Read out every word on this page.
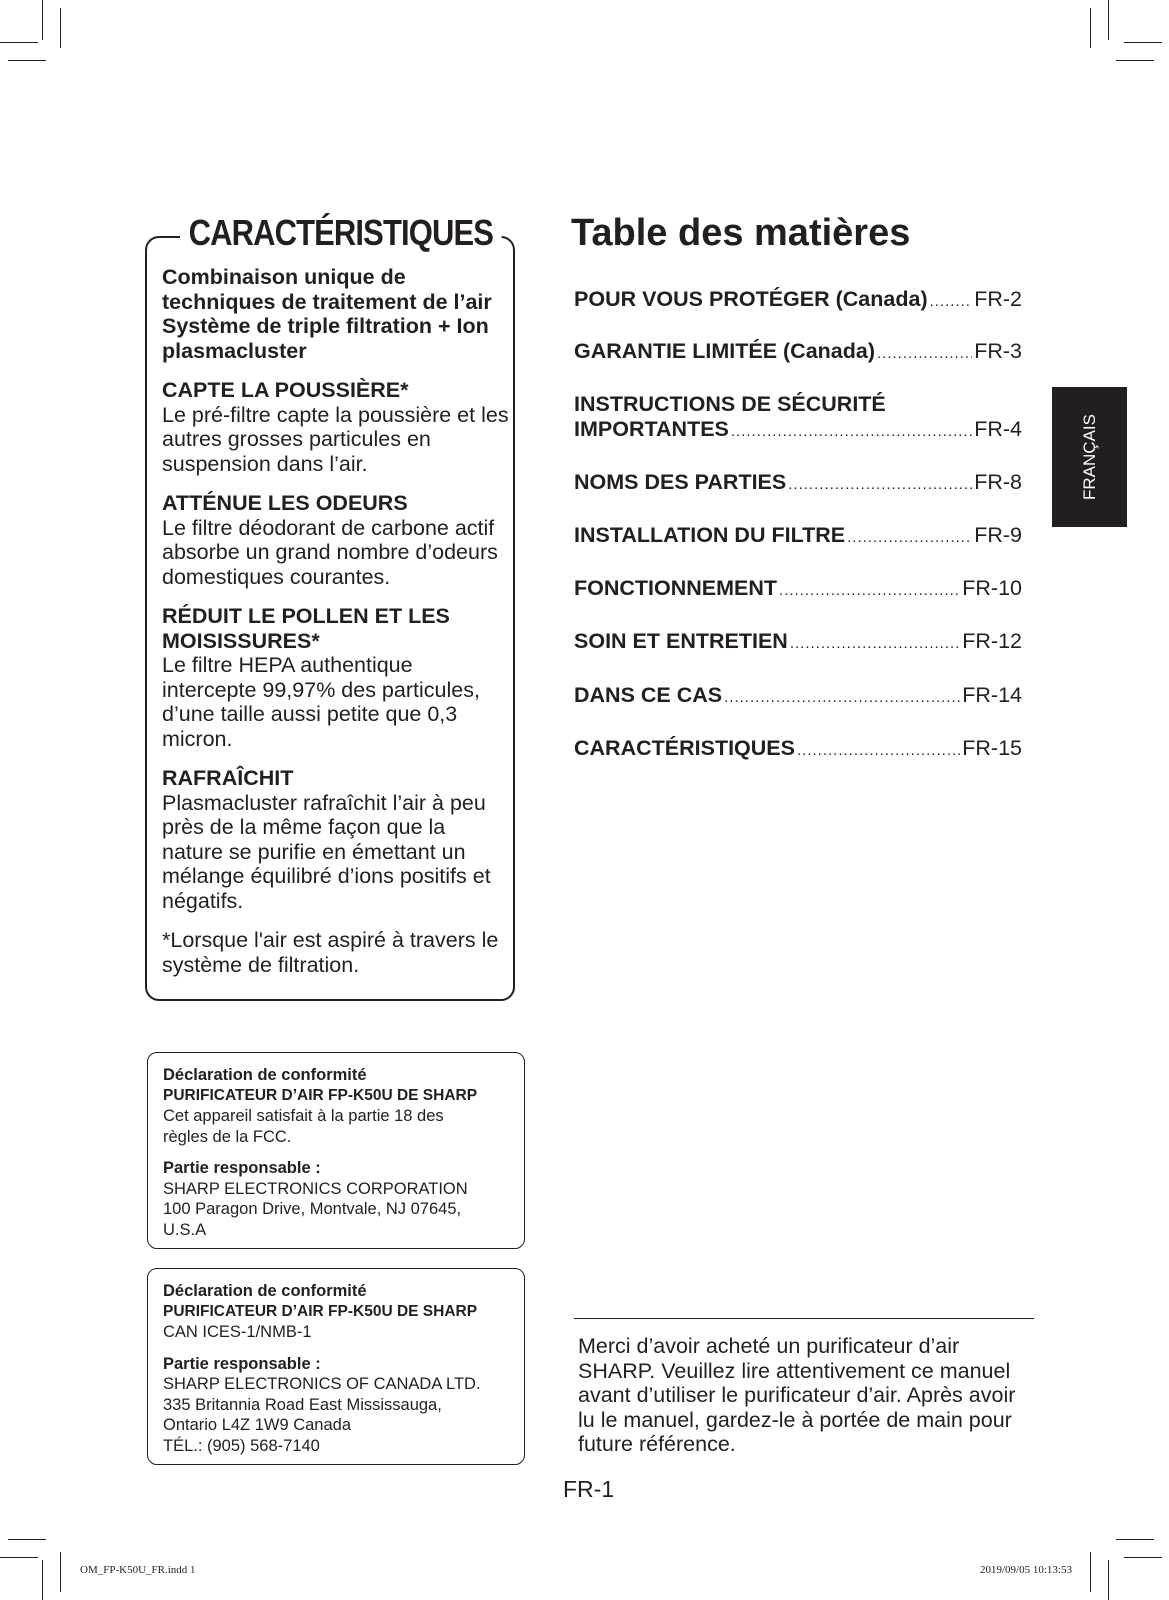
CARACTÉRISTIQUES
Combinaison unique de techniques de traitement de l’air Système de triple filtration + Ion plasmacluster
CAPTE LA POUSSIÈRE*
Le pré-filtre capte la poussière et les autres grosses particules en suspension dans l’air.
ATTÉNUE LES ODEURS
Le filtre déodorant de carbone actif absorbe un grand nombre d’odeurs domestiques courantes.
RÉDUIT LE POLLEN ET LES MOISISSURES*
Le filtre HEPA authentique intercepte 99,97% des particules, d’une taille aussi petite que 0,3 micron.
RAFRAÎCHIT
Plasmacluster rafraîchit l’air à peu près de la même façon que la nature se purifie en émettant un mélange équilibré d’ions positifs et négatifs.
*Lorsque l'air est aspiré à travers le système de filtration.
Table des matières
POUR VOUS PROTÉGER (Canada) ..... FR-2
GARANTIE LIMITÉE (Canada) .....	FR-3
INSTRUCTIONS DE SÉCURITÉ
IMPORTANTES .....	FR-4
NOMS DES PARTIES .....	FR-8
INSTALLATION DU FILTRE .....	FR-9
FONCTIONNEMENT .....	FR-10
SOIN ET ENTRETIEN .....	FR-12
DANS CE CAS .....	FR-14
CARACTÉRISTIQUES .....	FR-15
FRANÇAIS
Déclaration de conformité
PURIFICATEUR D’AIR FP-K50U DE SHARP
Cet appareil satisfait à la partie 18 des
règles de la FCC.
Partie responsable :
SHARP ELECTRONICS CORPORATION
100 Paragon Drive, Montvale, NJ 07645,
U.S.A
Déclaration de conformité
PURIFICATEUR D’AIR FP-K50U DE SHARP
CAN ICES-1/NMB-1
Partie responsable :
SHARP ELECTRONICS OF CANADA LTD.
335 Britannia Road East Mississauga,
Ontario L4Z 1W9 Canada
TÉL.: (905) 568-7140
Merci d’avoir acheté un purificateur d’air SHARP. Veuillez lire attentivement ce manuel avant d’utiliser le purificateur d’air. Après avoir lu le manuel, gardez-le à portée de main pour future référence.
FR-1
OM_FP-K50U_FR.indd 1	2019/09/05 10:13:53
